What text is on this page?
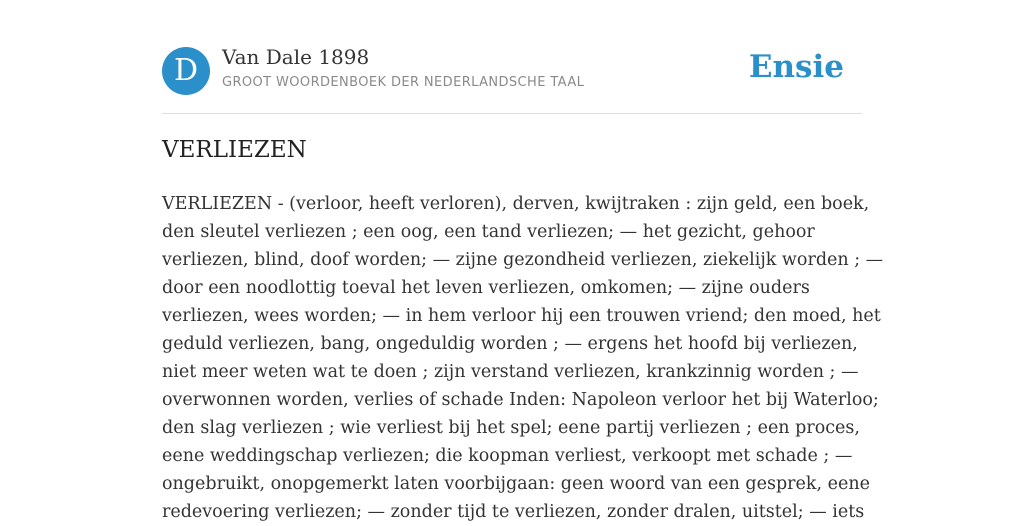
D	Van Dale 1898
GROOT WOORDENBOEK DER NEDERLANDSCHE TAAL	Ensie
VERLIEZEN

VERLIEZEN - (verloor, heeft verloren), derven, kwijtraken : zijn geld, een boek,
den sleutel verliezen ; een oog, een tand verliezen; — het gezicht, gehoor
verliezen, blind, doof worden; — zijne gezondheid verliezen, ziekelijk worden ; —
door een noodlottig toeval het leven verliezen, omkomen; — zijne ouders
verliezen, wees worden; — in hem verloor hij een trouwen vriend; den moed, het
geduld verliezen, bang, ongeduldig worden ; — ergens het hoofd bij verliezen,
niet meer weten wat te doen ; zijn verstand verliezen, krankzinnig worden ; —
overwonnen worden, verlies of schade Inden: Napoleon verloor het bij Waterloo;
den slag verliezen ; wie verliest bij het spel; eene partij verliezen ; een proces,
eene weddingschap verliezen; die koopman verliest, verkoopt met schade ; —
ongebruikt, onopgemerkt laten voorbijgaan: geen woord van een gesprek, eene
redevoering verliezen; — zonder tijd te verliezen, zonder dralen, uitstel; — iets
